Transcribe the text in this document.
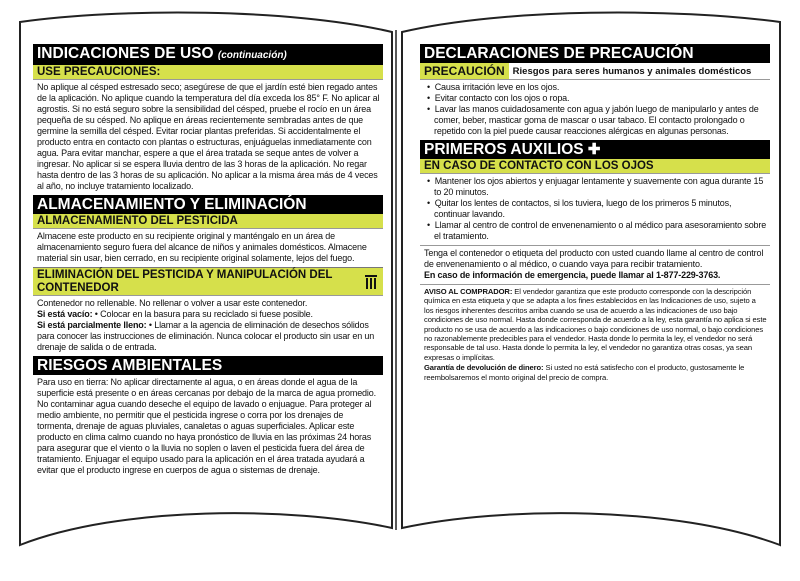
INDICACIONES DE USO (continuación)
USE PRECAUCIONES:
No aplique al césped estresado seco; asegúrese de que el jardín esté bien regado antes de la aplicación. No aplique cuando la temperatura del día exceda los 85° F. No aplicar al agrostis. Si no está seguro sobre la sensibilidad del césped, pruebe el rocío en un área pequeña de su césped. No aplique en áreas recientemente sembradas antes de que germine la semilla del césped. Evitar rociar plantas preferidas. Si accidentalmente el producto entra en contacto con plantas o estructuras, enjuáguelas inmediatamente con agua. Para evitar manchar, espere a que el área tratada se seque antes de volver a ingresar. No aplicar si se espera lluvia dentro de las 3 horas de la aplicación. No regar hasta dentro de las 3 horas de su aplicación. No aplicar a la misma área más de 4 veces al año, no incluye tratamiento localizado.
ALMACENAMIENTO Y ELIMINACIÓN
ALMACENAMIENTO DEL PESTICIDA
Almacene este producto en su recipiente original y manténgalo en un área de almacenamiento seguro fuera del alcance de niños y animales domésticos. Almacene material sin usar, bien cerrado, en su recipiente original solamente, lejos del fuego.
ELIMINACIÓN DEL PESTICIDA Y MANIPULACIÓN DEL CONTENEDOR

Contenedor no rellenable. No rellenar o volver a usar este contenedor.

Si está vacío: • Colocar en la basura para su reciclado si fuese posible.

Si está parcialmente lleno: • Llamar a la agencia de eliminación de desechos sólidos para conocer las instrucciones de eliminación. Nunca colocar el producto sin usar en un drenaje de salida o de entrada.

RIESGOS AMBIENTALES
Para uso en tierra: No aplicar directamente al agua, o en áreas donde el agua de la superficie está presente o en áreas cercanas por debajo de la marca de agua promedio. No contaminar agua cuando deseche el equipo de lavado o enjuague. Para proteger al medio ambiente, no permitir que el pesticida ingrese o corra por los drenajes de tormenta, drenaje de aguas pluviales, canaletas o aguas superficiales. Aplicar este producto en clima calmo cuando no haya pronóstico de lluvia en las próximas 24 horas para asegurar que el viento o la lluvia no soplen o laven el pesticida fuera del área de tratamiento. Enjuagar el equipo usado para la aplicación en el área tratada ayudará a evitar que el producto ingrese en cuerpos de agua o sistemas de drenaje.
DECLARACIONES DE PRECAUCIÓN
PRECAUCIÓN Riesgos para seres humanos y animales domésticos

•  Causa irritación leve en los ojos.

•  Evitar contacto con los ojos o ropa.

•  Lavar las manos cuidadosamente con agua y jabón luego de manipularlo y antes de comer, beber, masticar goma de mascar o usar tabaco. El contacto prolongado o repetido con la piel puede causar reacciones alérgicas en algunas personas.

PRIMEROS AUXILIOS ✚
EN CASO DE CONTACTO CON LOS OJOS

•  Mantener los ojos abiertos y enjuagar lentamente y suavemente con agua durante 15 to 20 minutos.

•  Quitar los lentes de contactos, si los tuviera, luego de los primeros 5 minutos, continuar lavando.

•  Llamar al centro de control de envenenamiento o al médico para asesoramiento sobre el tratamiento.

Tenga el contenedor o etiqueta del producto con usted cuando llame al centro de control de envenenamiento o al médico, o cuando vaya para recibir tratamiento.

En caso de información de emergencia, puede llamar al 1-877-229-3763.

AVISO AL COMPRADOR: El vendedor garantiza que este producto corresponde con la descripción química en esta etiqueta y que se adapta a los fines establecidos en las Indicaciones de uso, sujeto a los riesgos inherentes descritos arriba cuando se usa de acuerdo a las indicaciones de uso bajo condiciones de uso normal. Hasta donde corresponda de acuerdo a la ley, esta garantía no aplica si este producto no se usa de acuerdo a las indicaciones o bajo condiciones de uso normal, o bajo condiciones no razonablemente predecibles para el vendedor. Hasta donde lo permita la ley, el vendedor no será responsable de tal uso. Hasta donde lo permita la ley, el vendedor no garantiza otras cosas, ya sean expresas o implícitas.

Garantía de devolución de dinero: Si usted no está satisfecho con el producto, gustosamente le reembolsaremos el monto original del precio de compra.
